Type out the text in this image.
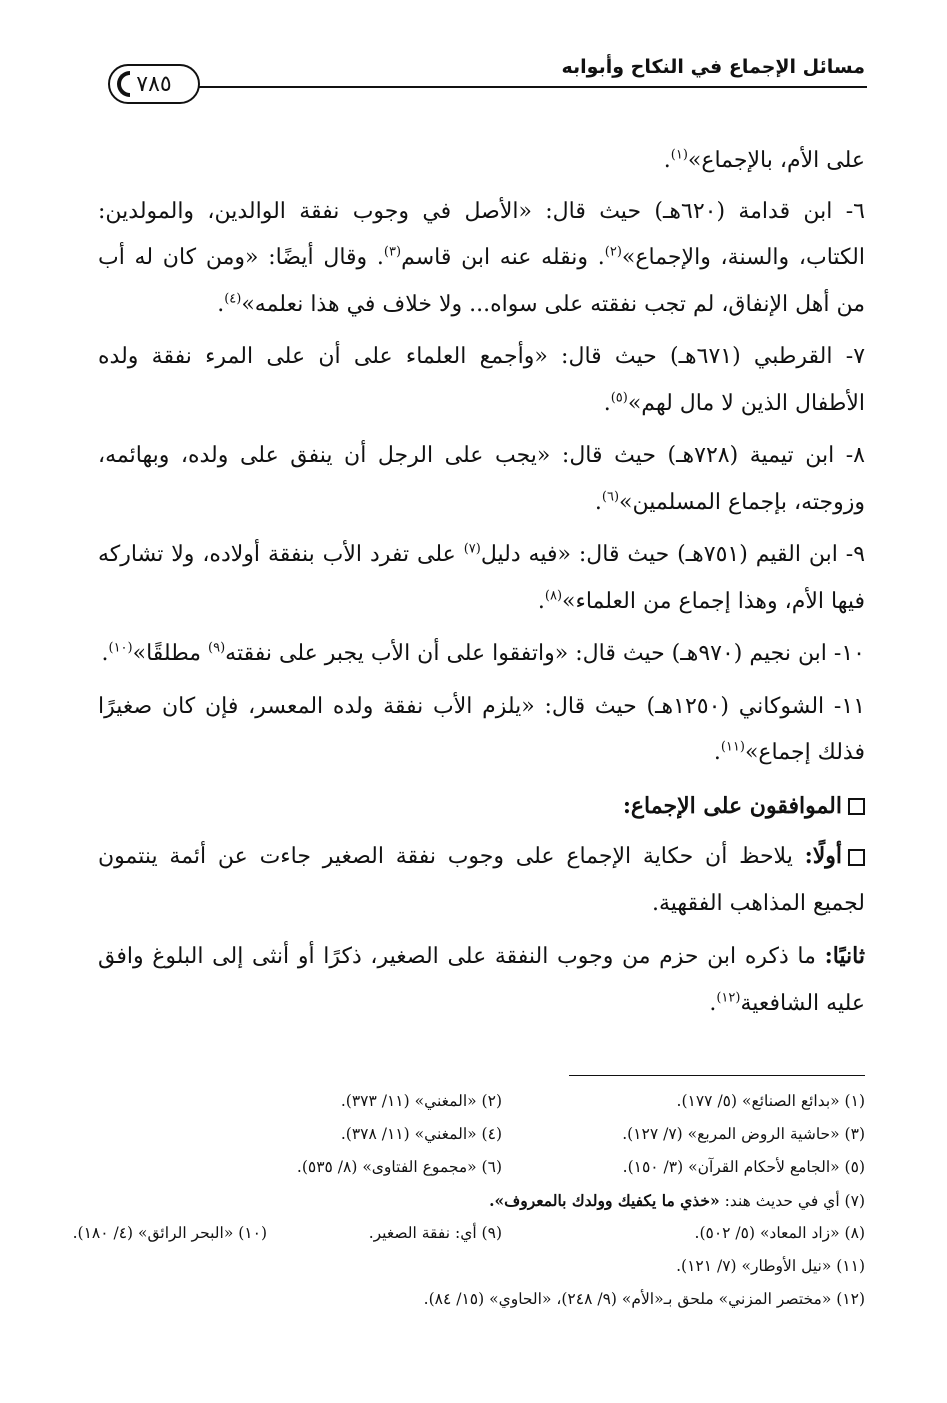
مسائل الإجماع في النكاح وأبوابه
٧٨٥

على الأم، بالإجماع»$^{(١)}$.

٦- ابن قدامة (٦٢٠هـ) حيث قال: «الأصل في وجوب نفقة الوالدين، والمولدين: الكتاب، والسنة، والإجماع»$^{(٢)}$. ونقله عنه ابن قاسم$^{(٣)}$. وقال أيضًا: «ومن كان له أب من أهل الإنفاق، لم تجب نفقته على سواه... ولا خلاف في هذا نعلمه»$^{(٤)}$.

٧- القرطبي (٦٧١هـ) حيث قال: «وأجمع العلماء على أن على المرء نفقة ولده الأطفال الذين لا مال لهم»$^{(٥)}$.

٨- ابن تيمية (٧٢٨هـ) حيث قال: «يجب على الرجل أن ينفق على ولده، وبهائمه، وزوجته، بإجماع المسلمين»$^{(٦)}$.

٩- ابن القيم (٧٥١هـ) حيث قال: «فيه دليل$^{(٧)}$ على تفرد الأب بنفقة أولاده، ولا تشاركه فيها الأم، وهذا إجماع من العلماء»$^{(٨)}$.

١٠- ابن نجيم (٩٧٠هـ) حيث قال: «واتفقوا على أن الأب يجبر على نفقته$^{(٩)}$ مطلقًا»$^{(١٠)}$.

١١- الشوكاني (١٢٥٠هـ) حيث قال: «يلزم الأب نفقة ولده المعسر، فإن كان صغيرًا فذلك إجماع»$^{(١١)}$.

الموافقون على الإجماع:

أولًا: يلاحظ أن حكاية الإجماع على وجوب نفقة الصغير جاءت عن أئمة ينتمون لجميع المذاهب الفقهية.

ثانيًا: ما ذكره ابن حزم من وجوب النفقة على الصغير، ذكرًا أو أنثى إلى البلوغ وافق عليه الشافعية$^{(١٢)}$.

(١) «بدائع الصنائع» (٥/ ١٧٧).
(٢) «المغني» (١١/ ٣٧٣).
(٣) «حاشية الروض المربع» (٧/ ١٢٧).
(٤) «المغني» (١١/ ٣٧٨).
(٥) «الجامع لأحكام القرآن» (٣/ ١٥٠).
(٦) «مجموع الفتاوى» (٨/ ٥٣٥).
(٧) أي في حديث هند: «خذي ما يكفيك وولدك بالمعروف».
(٨) «زاد المعاد» (٥/ ٥٠٢).
(٩) أي: نفقة الصغير.
(١٠) «البحر الرائق» (٤/ ١٨٠).
(١١) «نيل الأوطار» (٧/ ١٢١).
(١٢) «مختصر المزني» ملحق بـ«الأم» (٩/ ٢٤٨)، «الحاوي» (١٥/ ٨٤).
